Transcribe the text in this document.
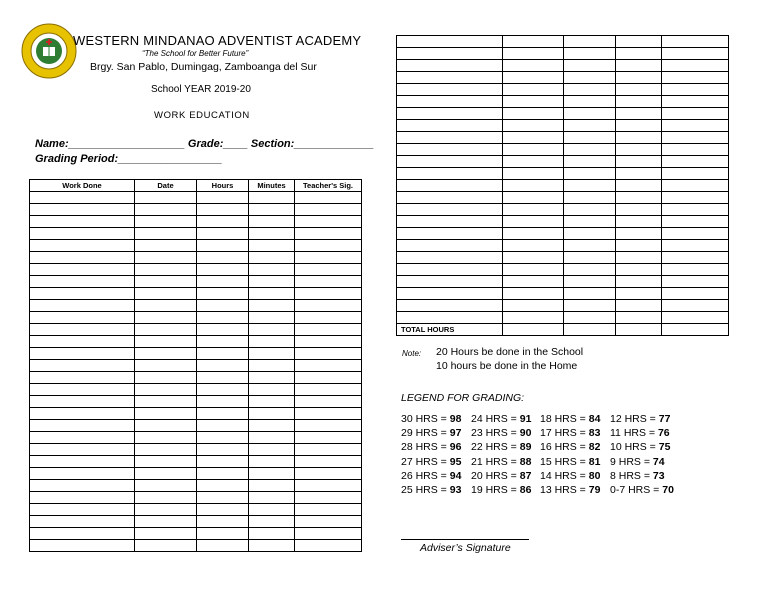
WESTERN MINDANAO ADVENTIST ACADEMY
“The School for Better Future”
Brgy. San Pablo, Dumingag, Zamboanga del Sur
School YEAR 2019-20
WORK EDUCATION
Name:___________________ Grade:____ Section:_____________
Grading Period:_________________
Work Done	Date	Hours	Minutes	Teacher's Sig.

TOTAL HOURS				
Note: 20 Hours be done in the School
10 hours be done in the Home
LEGEND FOR GRADING:
30 HRS = 98
29 HRS = 97
28 HRS = 96
27 HRS = 95
26 HRS = 94
25 HRS = 93
24 HRS = 91
23 HRS = 90
22 HRS = 89
21 HRS = 88
20 HRS = 87
19 HRS = 86
18 HRS = 84
17 HRS = 83
16 HRS = 82
15 HRS = 81
14 HRS = 80
13 HRS = 79
12 HRS = 77
11 HRS = 76
10 HRS = 75
9 HRS = 74
8 HRS = 73
0-7 HRS = 70
Adviser’s Signature
